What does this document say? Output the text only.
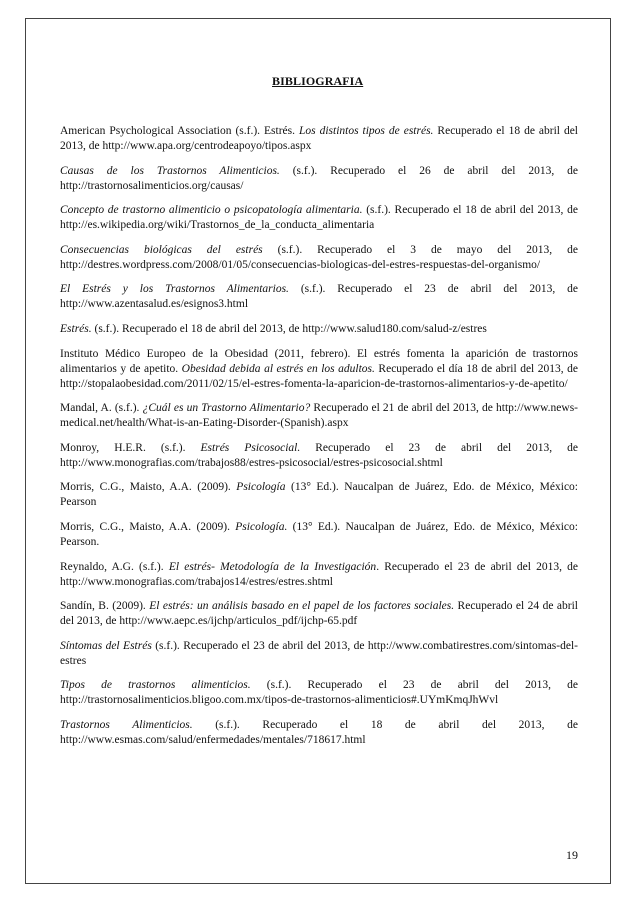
BIBLIOGRAFIA

American Psychological Association (s.f.). Estrés. Los distintos tipos de estrés. Recuperado el 18 de abril del 2013, de http://www.apa.org/centrodeapoyo/tipos.aspx

Causas de los Trastornos Alimenticios. (s.f.). Recuperado el 26 de abril del 2013, de http://trastornosalimenticios.org/causas/

Concepto de trastorno alimenticio o psicopatología alimentaria. (s.f.). Recuperado el 18 de abril del 2013, de http://es.wikipedia.org/wiki/Trastornos_de_la_conducta_alimentaria

Consecuencias biológicas del estrés (s.f.). Recuperado el 3 de mayo del 2013, de http://destres.wordpress.com/2008/01/05/consecuencias-biologicas-del-estres-respuestas-del-organismo/

El Estrés y los Trastornos Alimentarios. (s.f.). Recuperado el 23 de abril del 2013, de http://www.azentasalud.es/esignos3.html

Estrés. (s.f.). Recuperado el 18 de abril del 2013, de http://www.salud180.com/salud-z/estres

Instituto Médico Europeo de la Obesidad (2011, febrero). El estrés fomenta la aparición de trastornos alimentarios y de apetito. Obesidad debida al estrés en los adultos. Recuperado el día 18 de abril del 2013, de http://stopalaobesidad.com/2011/02/15/el-estres-fomenta-la-aparicion-de-trastornos-alimentarios-y-de-apetito/

Mandal, A. (s.f.). ¿Cuál es un Trastorno Alimentario? Recuperado el 21 de abril del 2013, de http://www.news-medical.net/health/What-is-an-Eating-Disorder-(Spanish).aspx

Monroy, H.E.R. (s.f.). Estrés Psicosocial. Recuperado el 23 de abril del 2013, de http://www.monografias.com/trabajos88/estres-psicosocial/estres-psicosocial.shtml

Morris, C.G., Maisto, A.A. (2009). Psicología (13° Ed.). Naucalpan de Juárez, Edo. de México, México: Pearson

Morris, C.G., Maisto, A.A. (2009). Psicología. (13° Ed.). Naucalpan de Juárez, Edo. de México, México: Pearson.

Reynaldo, A.G. (s.f.). El estrés- Metodología de la Investigación. Recuperado el 23 de abril del 2013, de http://www.monografias.com/trabajos14/estres/estres.shtml

Sandín, B. (2009). El estrés: un análisis basado en el papel de los factores sociales. Recuperado el 24 de abril del 2013, de http://www.aepc.es/ijchp/articulos_pdf/ijchp-65.pdf

Síntomas del Estrés (s.f.). Recuperado el 23 de abril del 2013, de http://www.combatirestres.com/sintomas-del-estres

Tipos de trastornos alimenticios. (s.f.). Recuperado el 23 de abril del 2013, de http://trastornosalimenticios.bligoo.com.mx/tipos-de-trastornos-alimenticios#.UYmKmqJhWvl

Trastornos Alimenticios. (s.f.). Recuperado el 18 de abril del 2013, de http://www.esmas.com/salud/enfermedades/mentales/718617.html

19
